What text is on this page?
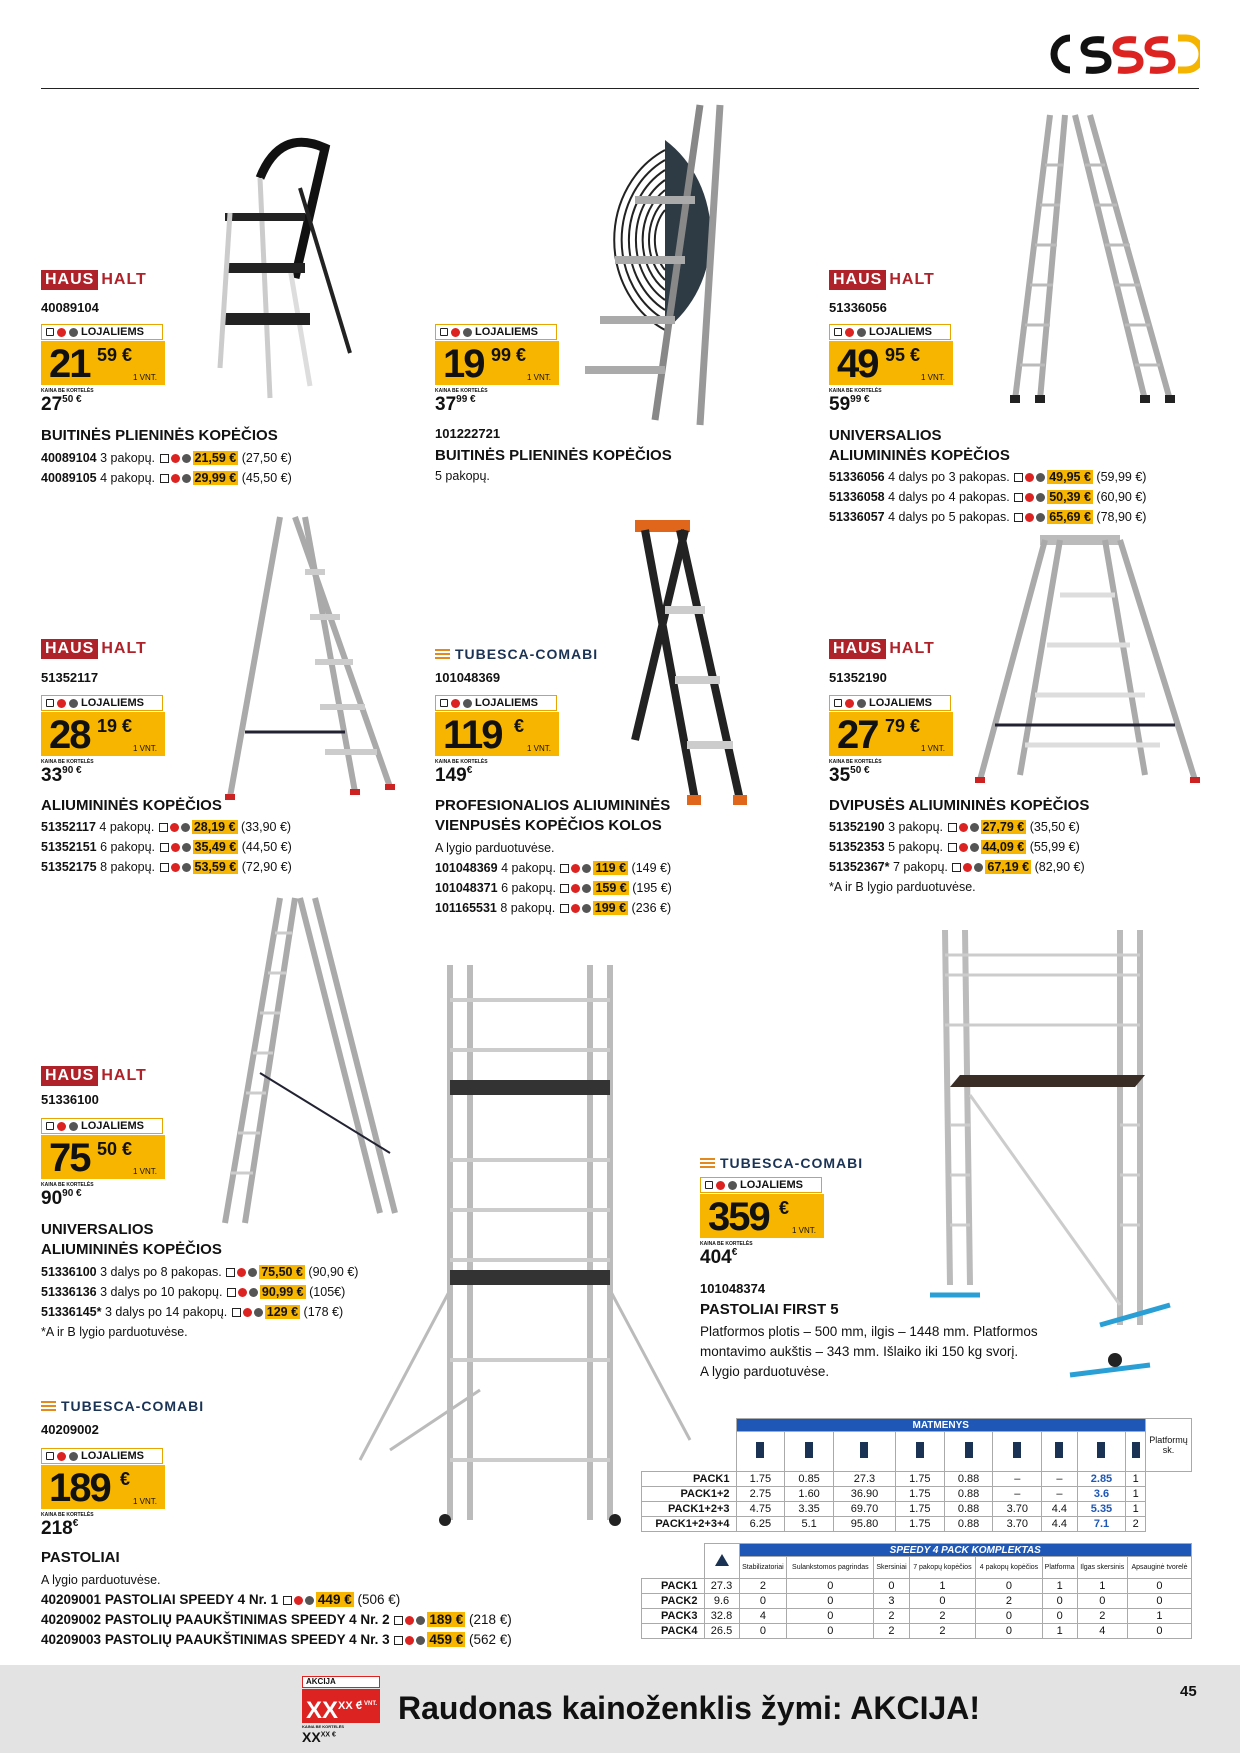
HAUS HALT
40089104
LOJALIEMS
21 59 €
1 VNT.
KAINA BE KORTELĖS
$27^{50 €}$
BUITINĖS PLIENINĖS KOPĖČIOS
40089104 3 pakopų.	21,59 € (27,50 €)
40089105 4 pakopų.	29,99 € (45,50 €)
101222721
LOJALIEMS
19 99 €
1 VNT.
KAINA BE KORTELĖS
$37^{99 €}$
BUITINĖS PLIENINĖS KOPĖČIOS
5 pakopų.
HAUS HALT
51336056
LOJALIEMS
49 95 €
1 VNT.
KAINA BE KORTELĖS
$59^{99 €}$
UNIVERSALIOS
ALIUMININĖS KOPĖČIOS
51336056 4 dalys po 3 pakopas.	49,95 € (59,99 €)
51336058 4 dalys po 4 pakopas.	50,39 € (60,90 €)
51336057 4 dalys po 5 pakopas.	65,69 € (78,90 €)
HAUS HALT
51352117
LOJALIEMS
28 19 €
1 VNT.
KAINA BE KORTELĖS
$33^{90 €}$
ALIUMININĖS KOPĖČIOS
51352117 4 pakopų.	28,19 € (33,90 €)
51352151 6 pakopų.	35,49 € (44,50 €)
51352175 8 pakopų.	53,59 € (72,90 €)
TUBESCA-COMABI
101048369
LOJALIEMS
119 €
1 VNT.
KAINA BE KORTELĖS
149€
PROFESIONALIOS ALIUMININĖS
VIENPUSĖS KOPĖČIOS KOLOS
A lygio parduotuvėse.
101048369 4 pakopų.	119 € (149 €)
101048371 6 pakopų.	159 € (195 €)
101165531 8 pakopų.	199 € (236 €)
HAUS HALT
51352190
LOJALIEMS
27 79 €
1 VNT.
KAINA BE KORTELĖS
$35^{50 €}$
DVIPUSĖS ALIUMININĖS KOPĖČIOS
51352190 3 pakopų.	27,79 € (35,50 €)
51352353 5 pakopų.	44,09 € (55,99 €)
51352367* 7 pakopų.	67,19 € (82,90 €)
*A ir B lygio parduotuvėse.
HAUS HALT
51336100
LOJALIEMS
75 50 €
1 VNT.
KAINA BE KORTELĖS
$90^{90 €}$
UNIVERSALIOS
ALIUMININĖS KOPĖČIOS
51336100 3 dalys po 8 pakopas.	75,50 € (90,90 €)
51336136 3 dalys po 10 pakopų.	90,99 € (105€)
51336145* 3 dalys po 14 pakopų.	129 € (178 €)
*A ir B lygio parduotuvėse.
TUBESCA-COMABI
101048374
LOJALIEMS
359 €
1 VNT.
KAINA BE KORTELĖS
404€
PASTOLIAI FIRST 5
Platformos plotis – 500 mm, ilgis – 1448 mm. Platformos
montavimo aukštis – 343 mm. Išlaiko iki 150 kg svorį.
A lygio parduotuvėse.
TUBESCA-COMABI
40209002
LOJALIEMS
189 €
1 VNT.
KAINA BE KORTELĖS
218€
PASTOLIAI
A lygio parduotuvėse.
40209001 PASTOLIAI SPEEDY 4 Nr. 1	449 € (506 €)
40209002 PASTOLIŲ PAAUKŠTINIMAS SPEEDY 4 Nr. 2	189 € (218 €)
40209003 PASTOLIŲ PAAUKŠTINIMAS SPEEDY 4 Nr. 3	459 € (562 €)
	MATMENYS									Platformų sk.

PACK1	1.75	0.85	27.3	1.75	0.88	–	–	2.85	1	
PACK1+2	2.75	1.60	36.90	1.75	0.88	–	–	3.6	1	
PACK1+2+3	4.75	3.35	69.70	1.75	0.88	3.70	4.4	5.35	1	
PACK1+2+3+4	6.25	5.1	95.80	1.75	0.88	3.70	4.4	7.1	2	
		SPEEDY 4 PACK KOMPLEKTAS							
		Stabilizatoriai	Sulankstomos pagrindas	Skersiniai	7 pakopų kopėčios	4 pakopų kopėčios	Platforma	Ilgas skersinis	Apsauginė tvorelė
PACK1	27.3	2	0	0	1	0	1	1	0
PACK2	9.6	0	0	3	0	2	0	0	0
PACK3	32.8	4	0	2	2	0	0	2	1
PACK4	26.5	0	0	2	2	0	1	4	0
AKCIJA
$XX^{XX €}$
1 VNT.
KAINA BE KORTELĖS
$XX^{XX €}$
Raudonas kainoženklis žymi: AKCIJA!	45
